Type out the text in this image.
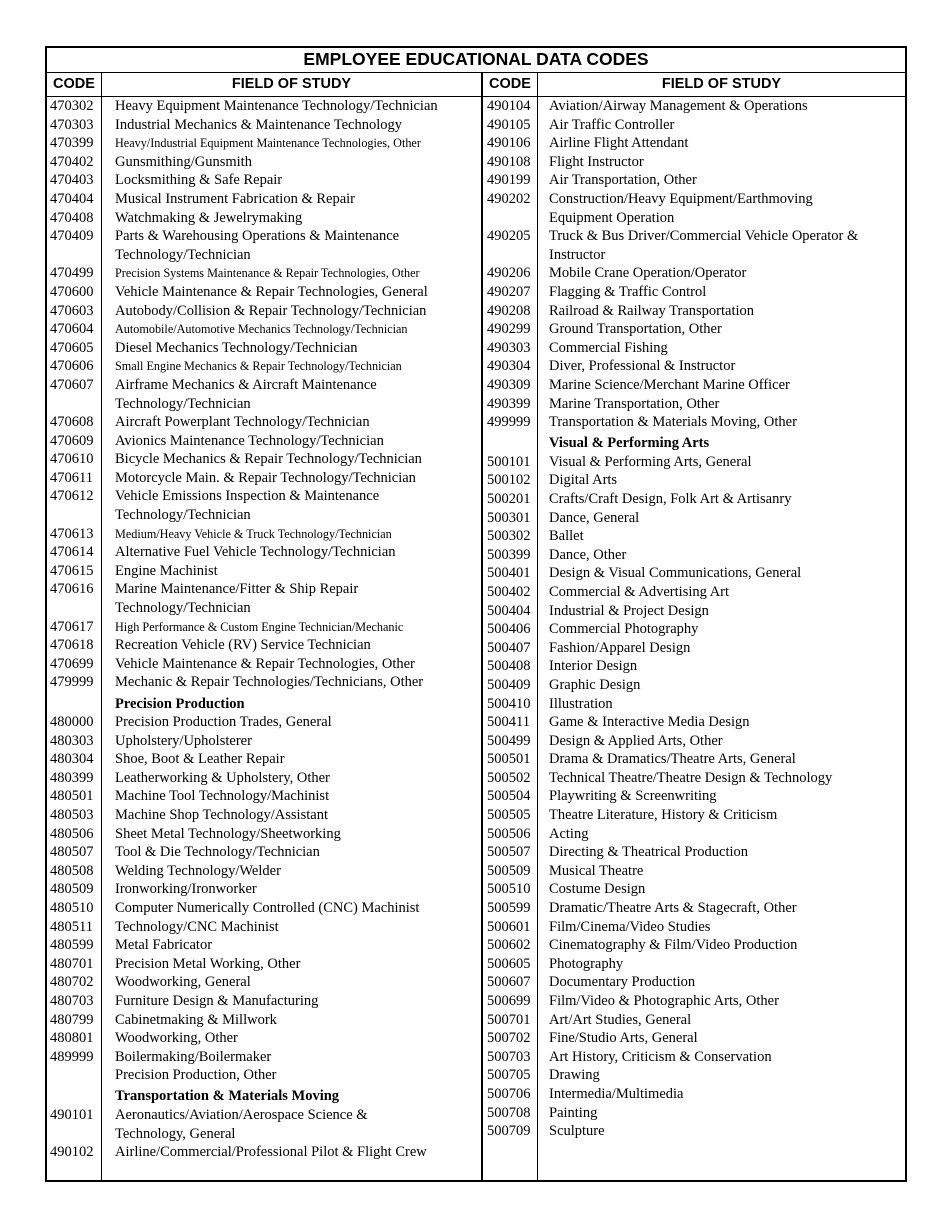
EMPLOYEE EDUCATIONAL DATA CODES
CODE	FIELD OF STUDY	CODE	FIELD OF STUDY
470302	Heavy Equipment Maintenance Technology/Technician
470303	Industrial Mechanics & Maintenance Technology
470399	Heavy/Industrial Equipment Maintenance Technologies, Other
470402	Gunsmithing/Gunsmith
470403	Locksmithing & Safe Repair
470404	Musical Instrument Fabrication & Repair
470408	Watchmaking & Jewelrymaking
470409	Parts & Warehousing Operations & Maintenance
Technology/Technician
470499	Precision Systems Maintenance & Repair Technologies, Other
470600	Vehicle Maintenance & Repair Technologies, General
470603	Autobody/Collision & Repair Technology/Technician
470604	Automobile/Automotive Mechanics Technology/Technician
470605	Diesel Mechanics Technology/Technician
470606	Small Engine Mechanics & Repair Technology/Technician
470607	Airframe Mechanics & Aircraft Maintenance
Technology/Technician
470608	Aircraft Powerplant Technology/Technician
470609	Avionics Maintenance Technology/Technician
470610	Bicycle Mechanics & Repair Technology/Technician
470611	Motorcycle Main. & Repair Technology/Technician
470612	Vehicle Emissions Inspection & Maintenance
Technology/Technician
470613	Medium/Heavy Vehicle & Truck Technology/Technician
470614	Alternative Fuel Vehicle Technology/Technician
470615	Engine Machinist
470616	Marine Maintenance/Fitter & Ship Repair
Technology/Technician
470617	High Performance & Custom Engine Technician/Mechanic
470618	Recreation Vehicle (RV) Service Technician
470699	Vehicle Maintenance & Repair Technologies, Other
479999	Mechanic & Repair Technologies/Technicians, Other
Precision Production
480000	Precision Production Trades, General
480303	Upholstery/Upholsterer
480304	Shoe, Boot & Leather Repair
480399	Leatherworking & Upholstery, Other
480501	Machine Tool Technology/Machinist
480503	Machine Shop Technology/Assistant
480506	Sheet Metal Technology/Sheetworking
480507	Tool & Die Technology/Technician
480508	Welding Technology/Welder
480509	Ironworking/Ironworker
480510	Computer Numerically Controlled (CNC) Machinist
480511	Technology/CNC Machinist
480599	Metal Fabricator
480701	Precision Metal Working, Other
480702	Woodworking, General
480703	Furniture Design & Manufacturing
480799	Cabinetmaking & Millwork
480801	Woodworking, Other
489999	Boilermaking/Boilermaker
Precision Production, Other
Transportation & Materials Moving
490101	Aeronautics/Aviation/Aerospace Science &
Technology, General
490102	Airline/Commercial/Professional Pilot & Flight Crew
490104	Aviation/Airway Management & Operations
490105	Air Traffic Controller
490106	Airline Flight Attendant
490108	Flight Instructor
490199	Air Transportation, Other
490202	Construction/Heavy Equipment/Earthmoving
Equipment Operation
490205	Truck & Bus Driver/Commercial Vehicle Operator &
Instructor
490206	Mobile Crane Operation/Operator
490207	Flagging & Traffic Control
490208	Railroad & Railway Transportation
490299	Ground Transportation, Other
490303	Commercial Fishing
490304	Diver, Professional & Instructor
490309	Marine Science/Merchant Marine Officer
490399	Marine Transportation, Other
499999	Transportation & Materials Moving, Other
Visual & Performing Arts
500101	Visual & Performing Arts, General
500102	Digital Arts
500201	Crafts/Craft Design, Folk Art & Artisanry
500301	Dance, General
500302	Ballet
500399	Dance, Other
500401	Design & Visual Communications, General
500402	Commercial & Advertising Art
500404	Industrial & Project Design
500406	Commercial Photography
500407	Fashion/Apparel Design
500408	Interior Design
500409	Graphic Design
500410	Illustration
500411	Game & Interactive Media Design
500499	Design & Applied Arts, Other
500501	Drama & Dramatics/Theatre Arts, General
500502	Technical Theatre/Theatre Design & Technology
500504	Playwriting & Screenwriting
500505	Theatre Literature, History & Criticism
500506	Acting
500507	Directing & Theatrical Production
500509	Musical Theatre
500510	Costume Design
500599	Dramatic/Theatre Arts & Stagecraft, Other
500601	Film/Cinema/Video Studies
500602	Cinematography & Film/Video Production
500605	Photography
500607	Documentary Production
500699	Film/Video & Photographic Arts, Other
500701	Art/Art Studies, General
500702	Fine/Studio Arts, General
500703	Art History, Criticism & Conservation
500705	Drawing
500706	Intermedia/Multimedia
500708	Painting
500709	Sculpture
